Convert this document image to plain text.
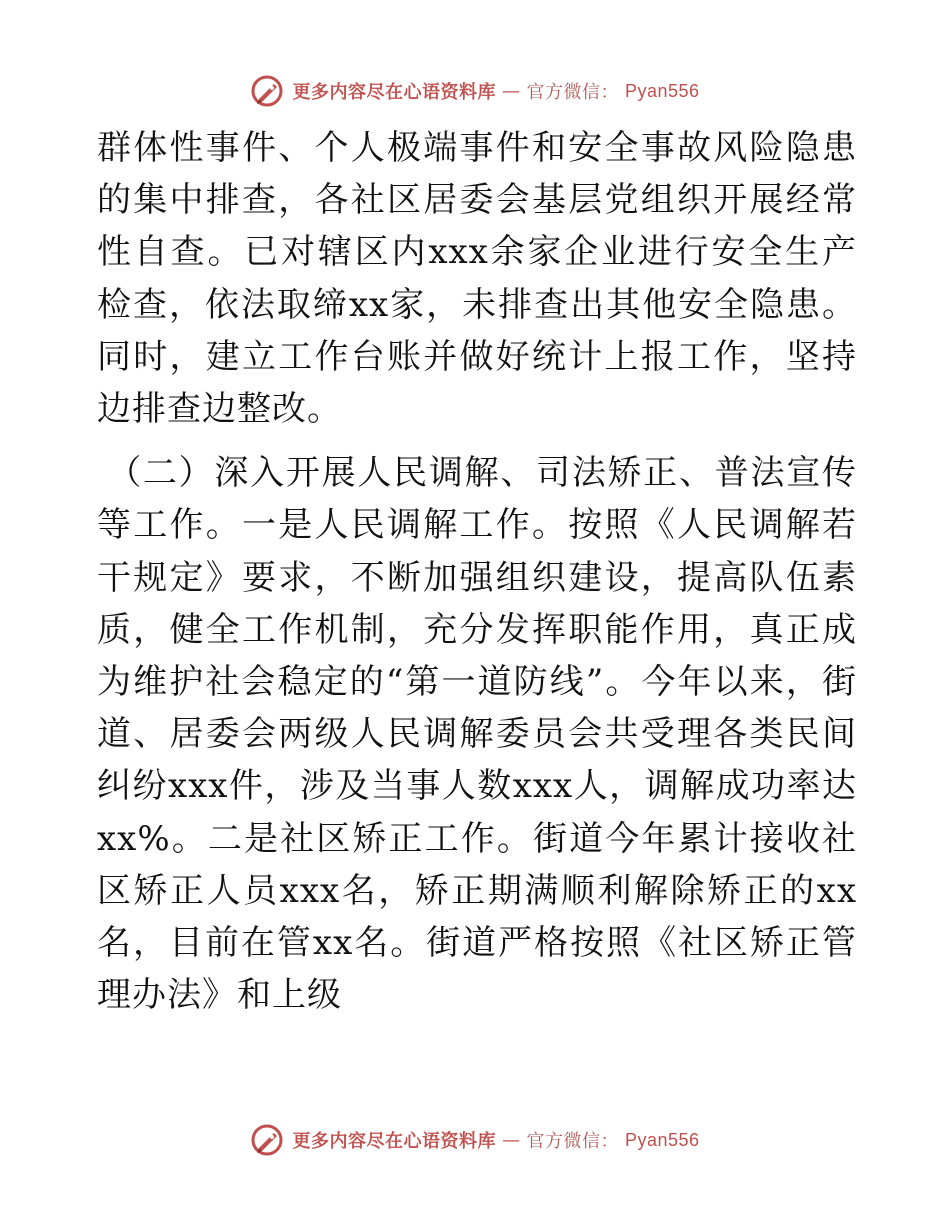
更多内容尽在心语资料库 — 官方微信： Pyan556

群体性事件、个人极端事件和安全事故风险隐患的集中排查，各社区居委会基层党组织开展经常性自查。已对辖区内xxx余家企业进行安全生产检查，依法取缔xx家，未排查出其他安全隐患。同时，建立工作台账并做好统计上报工作，坚持边排查边整改。

（二）深入开展人民调解、司法矫正、普法宣传等工作。一是人民调解工作。按照《人民调解若干规定》要求，不断加强组织建设，提高队伍素质，健全工作机制，充分发挥职能作用，真正成为维护社会稳定的“第一道防线”。今年以来，街道、居委会两级人民调解委员会共受理各类民间纠纷xxx件，涉及当事人数xxx人，调解成功率达xx%。二是社区矫正工作。街道今年累计接收社区矫正人员xxx名，矫正期满顺利解除矫正的xx名，目前在管xx名。街道严格按照《社区矫正管理办法》和上级

更多内容尽在心语资料库 — 官方微信： Pyan556
